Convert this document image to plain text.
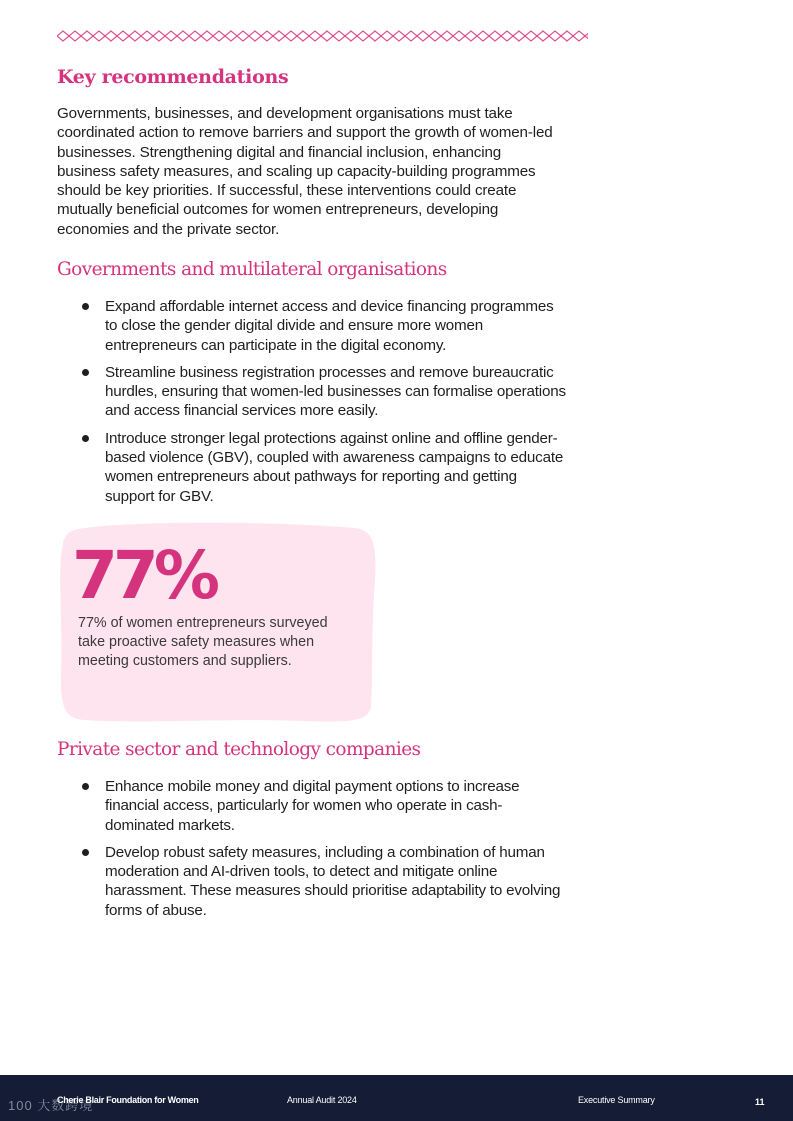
Key recommendations

Governments, businesses, and development organisations must take coordinated action to remove barriers and support the growth of women-led businesses. Strengthening digital and financial inclusion, enhancing business safety measures, and scaling up capacity-building programmes should be key priorities. If successful, these interventions could create mutually beneficial outcomes for women entrepreneurs, developing economies and the private sector.

Governments and multilateral organisations
Expand affordable internet access and device financing programmes to close the gender digital divide and ensure more women entrepreneurs can participate in the digital economy.
Streamline business registration processes and remove bureaucratic hurdles, ensuring that women-led businesses can formalise operations and access financial services more easily.
Introduce stronger legal protections against online and offline gender-based violence (GBV), coupled with awareness campaigns to educate women entrepreneurs about pathways for reporting and getting support for GBV.

77%

77% of women entrepreneurs surveyed take proactive safety measures when meeting customers and suppliers.

Private sector and technology companies
Enhance mobile money and digital payment options to increase financial access, particularly for women who operate in cash-dominated markets.
Develop robust safety measures, including a combination of human moderation and AI-driven tools, to detect and mitigate online harassment. These measures should prioritise adaptability to evolving forms of abuse.
100 大数跨境
Cherie Blair Foundation for Women	Annual Audit 2024	Executive Summary	11
